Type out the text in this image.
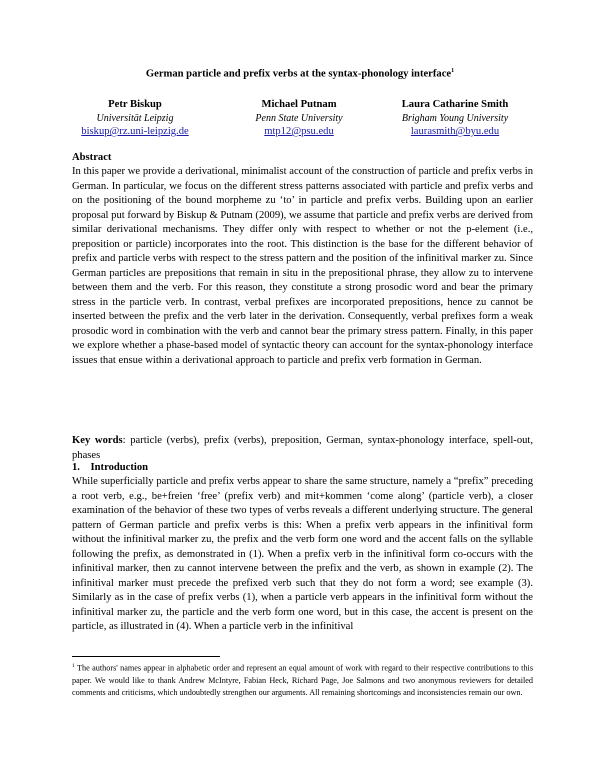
German particle and prefix verbs at the syntax-phonology interface$^1$
Petr Biskup
Universität Leipzig
biskup@rz.uni-leipzig.de
Michael Putnam
Penn State University
mtp12@psu.edu
Laura Catharine Smith
Brigham Young University
laurasmith@byu.edu
Abstract

In this paper we provide a derivational, minimalist account of the construction of particle and prefix verbs in German. In particular, we focus on the different stress patterns associated with particle and prefix verbs and on the positioning of the bound morpheme zu ‘to’ in particle and prefix verbs. Building upon an earlier proposal put forward by Biskup & Putnam (2009), we assume that particle and prefix verbs are derived from similar derivational mechanisms. They differ only with respect to whether or not the p-element (i.e., preposition or particle) incorporates into the root. This distinction is the base for the different behavior of prefix and particle verbs with respect to the stress pattern and the position of the infinitival marker zu. Since German particles are prepositions that remain in situ in the prepositional phrase, they allow zu to intervene between them and the verb. For this reason, they constitute a strong prosodic word and bear the primary stress in the particle verb. In contrast, verbal prefixes are incorporated prepositions, hence zu cannot be inserted between the prefix and the verb later in the derivation. Consequently, verbal prefixes form a weak prosodic word in combination with the verb and cannot bear the primary stress pattern. Finally, in this paper we explore whether a phase-based model of syntactic theory can account for the syntax-phonology interface issues that ensue within a derivational approach to particle and prefix verb formation in German.

Key words: particle (verbs), prefix (verbs), preposition, German, syntax-phonology interface, spell-out, phases

1.    Introduction

While superficially particle and prefix verbs appear to share the same structure, namely a “prefix” preceding a root verb, e.g., be+freien ‘free’ (prefix verb) and mit+kommen ‘come along’ (particle verb), a closer examination of the behavior of these two types of verbs reveals a different underlying structure. The general pattern of German particle and prefix verbs is this: When a prefix verb appears in the infinitival form without the infinitival marker zu, the prefix and the verb form one word and the accent falls on the syllable following the prefix, as demonstrated in (1). When a prefix verb in the infinitival form co-occurs with the infinitival marker, then zu cannot intervene between the prefix and the verb, as shown in example (2). The infinitival marker must precede the prefixed verb such that they do not form a word; see example (3). Similarly as in the case of prefix verbs (1), when a particle verb appears in the infinitival form without the infinitival marker zu, the particle and the verb form one word, but in this case, the accent is present on the particle, as illustrated in (4). When a particle verb in the infinitival

$^1$ The authors' names appear in alphabetic order and represent an equal amount of work with regard to their respective contributions to this paper. We would like to thank Andrew McIntyre, Fabian Heck, Richard Page, Joe Salmons and two anonymous reviewers for detailed comments and criticisms, which undoubtedly strengthen our arguments. All remaining shortcomings and inconsistencies remain our own.
